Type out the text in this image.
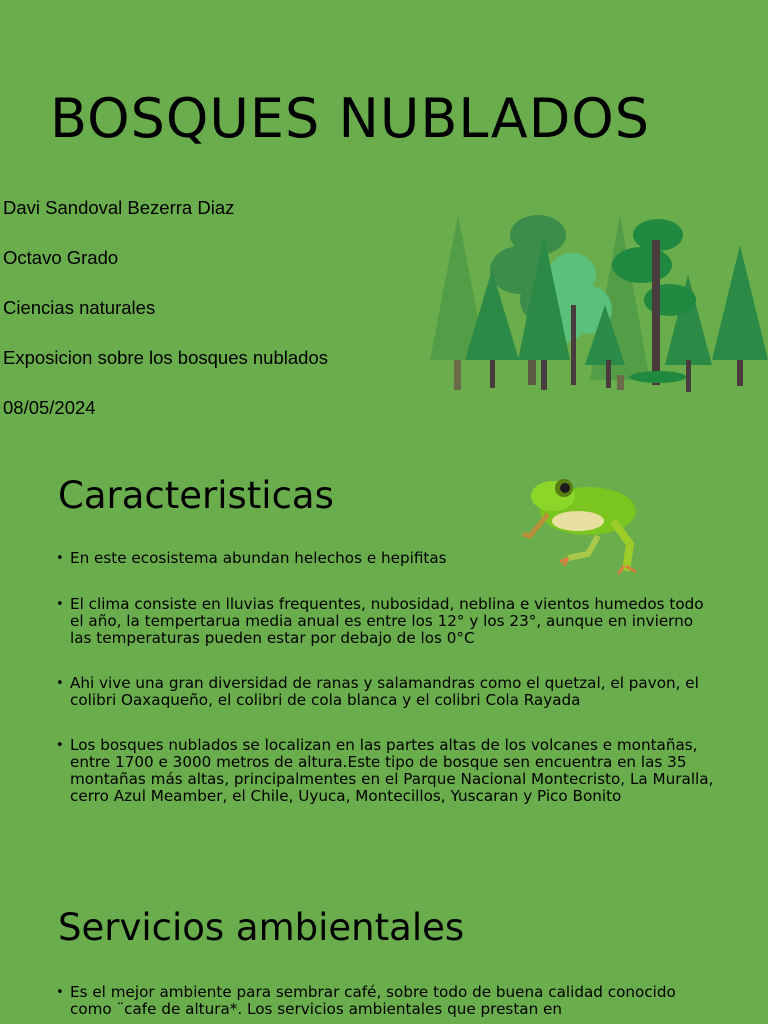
BOSQUES NUBLADOS
Davi Sandoval Bezerra Diaz
Octavo Grado
Ciencias naturales
Exposicion sobre los bosques nublados
08/05/2024
Caracteristicas
• En este ecosistema abundan helechos e hepifitas
• El clima consiste en lluvias frequentes, nubosidad, neblina e vientos humedos todo el año, la tempertarua media anual es entre los 12° y los 23°, aunque en invierno las temperaturas pueden estar por debajo de los 0°C
• Ahi vive una gran diversidad de ranas y salamandras como el quetzal, el pavon, el colibri Oaxaqueño, el colibri de cola blanca y el colibri Cola Rayada
• Los bosques nublados se localizan en las partes altas de los volcanes e montañas, entre 1700 e 3000 metros de altura.Este tipo de bosque sen encuentra en las 35 montañas más altas, principalmentes en el Parque Nacional Montecristo, La Muralla, cerro Azul Meamber, el Chile, Uyuca, Montecillos, Yuscaran y Pico Bonito
Servicios ambientales
• Es el mejor ambiente para sembrar café, sobre todo de buena calidad conocido como ¨cafe de altura*. Los servicios ambientales que prestan en
